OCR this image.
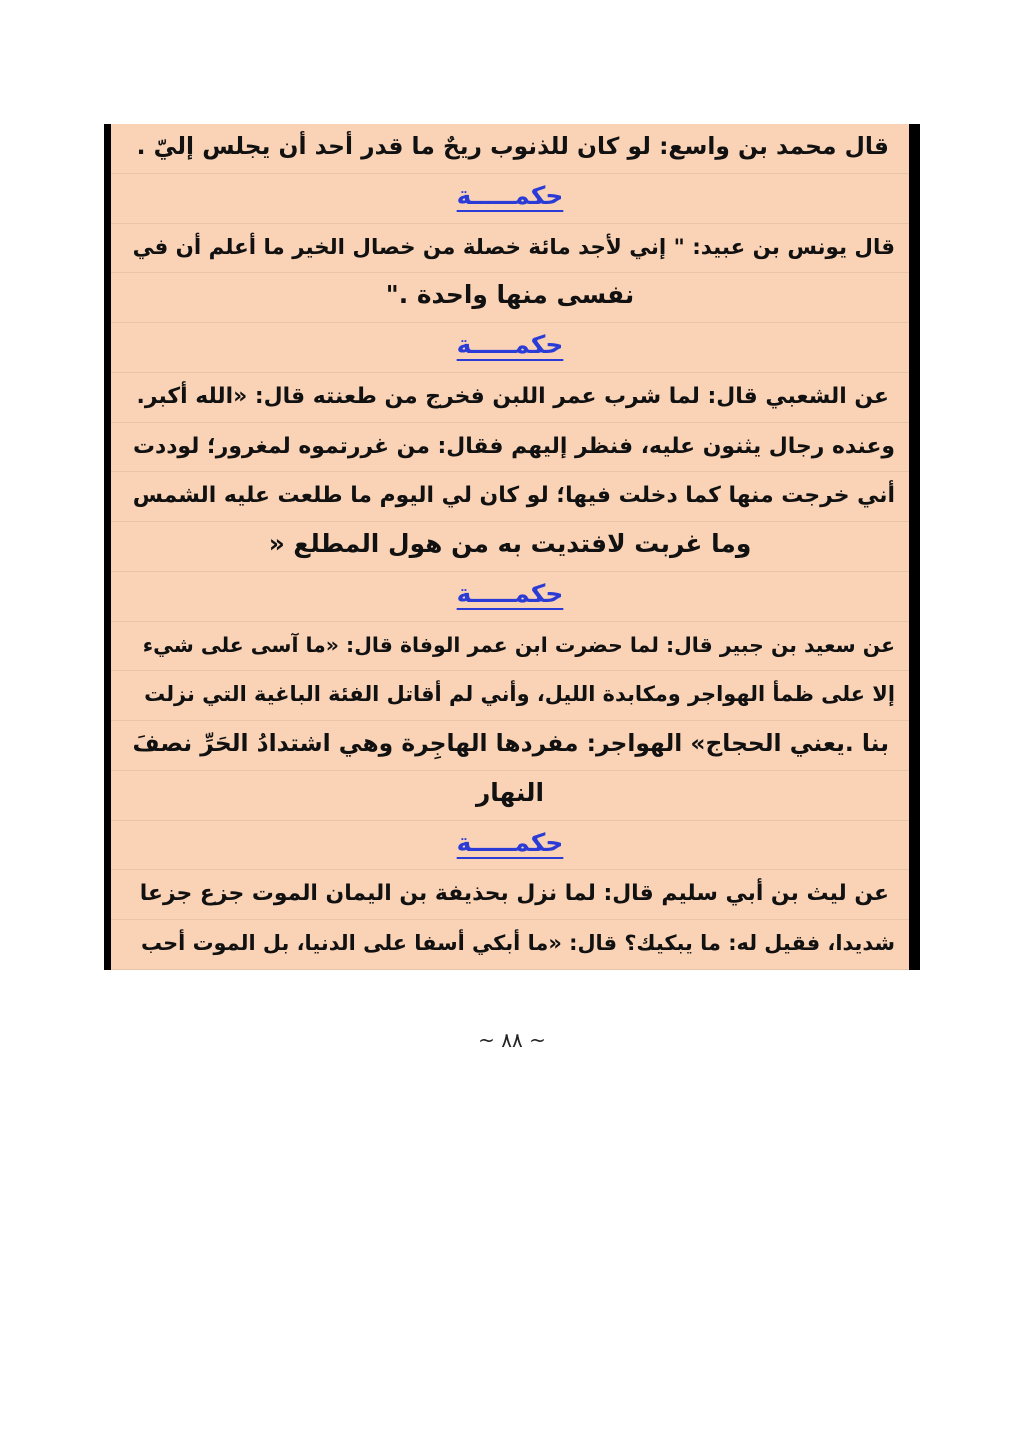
قال محمد بن واسع: لو كان للذنوب ريحٌ ما قدر أحد أن يجلس إليّ .
حكمـــــة
قال يونس بن عبيد: " إني لأجد مائة خصلة من خصال الخير ما أعلم أن في
نفسى منها واحدة ."
حكمـــــة
عن الشعبي قال: لما شرب عمر اللبن فخرج من طعنته قال: «الله أكبر.
وعنده رجال يثنون عليه، فنظر إليهم فقال: من غررتموه لمغرور؛ لوددت
أني خرجت منها كما دخلت فيها؛ لو كان لي اليوم ما طلعت عليه الشمس
وما غربت لافتديت به من هول المطلع «
حكمـــــة
عن سعيد بن جبير قال: لما حضرت ابن عمر الوفاة قال: «ما آسى على شيء
إلا على ظمأ الهواجر ومكابدة الليل، وأني لم أقاتل الفئة الباغية التي نزلت
بنا .يعني الحجاج» الهواجر: مفردها الهاجِرة وهي اشتدادُ الحَرِّ نصفَ
النهار
حكمـــــة
عن ليث بن أبي سليم قال: لما نزل بحذيفة بن اليمان الموت جزع جزعا
شديدا، فقيل له: ما يبكيك؟ قال: «ما أبكي أسفا على الدنيا، بل الموت أحب
~ ٨٨ ~
